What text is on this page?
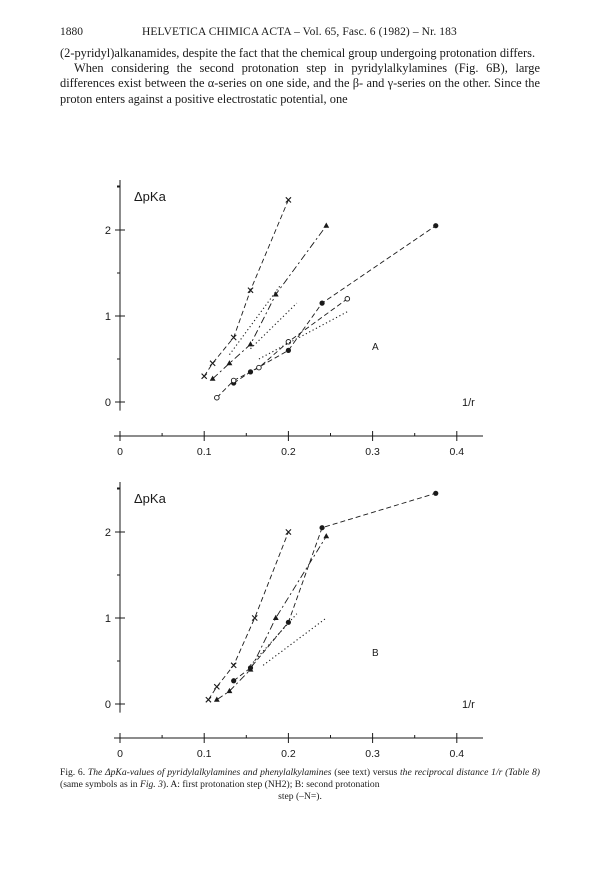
1880	HELVETICA CHIMICA ACTA – Vol. 65, Fasc. 6 (1982) – Nr. 183

(2-pyridyl)alkanamides, despite the fact that the chemical group undergoing protonation differs.

When considering the second protonation step in pyridylalkylamines (Fig. 6B), large differences exist between the α-series on one side, and the β- and γ-series on the other. Since the proton enters against a positive electrostatic potential, one

0
1
2
0	0.1	0.2	0.3	0.4
ΔpKa
1/r
A
0
1
2
0	0.1	0.2	0.3	0.4
ΔpKa
1/r
B

Fig. 6. The ΔpKa-values of pyridylalkylamines and phenylalkylamines (see text) versus the reciprocal distance 1/r (Table 8) (same symbols as in Fig. 3). A: first protonation step (NH2); B: second protonation

step (–N=).
